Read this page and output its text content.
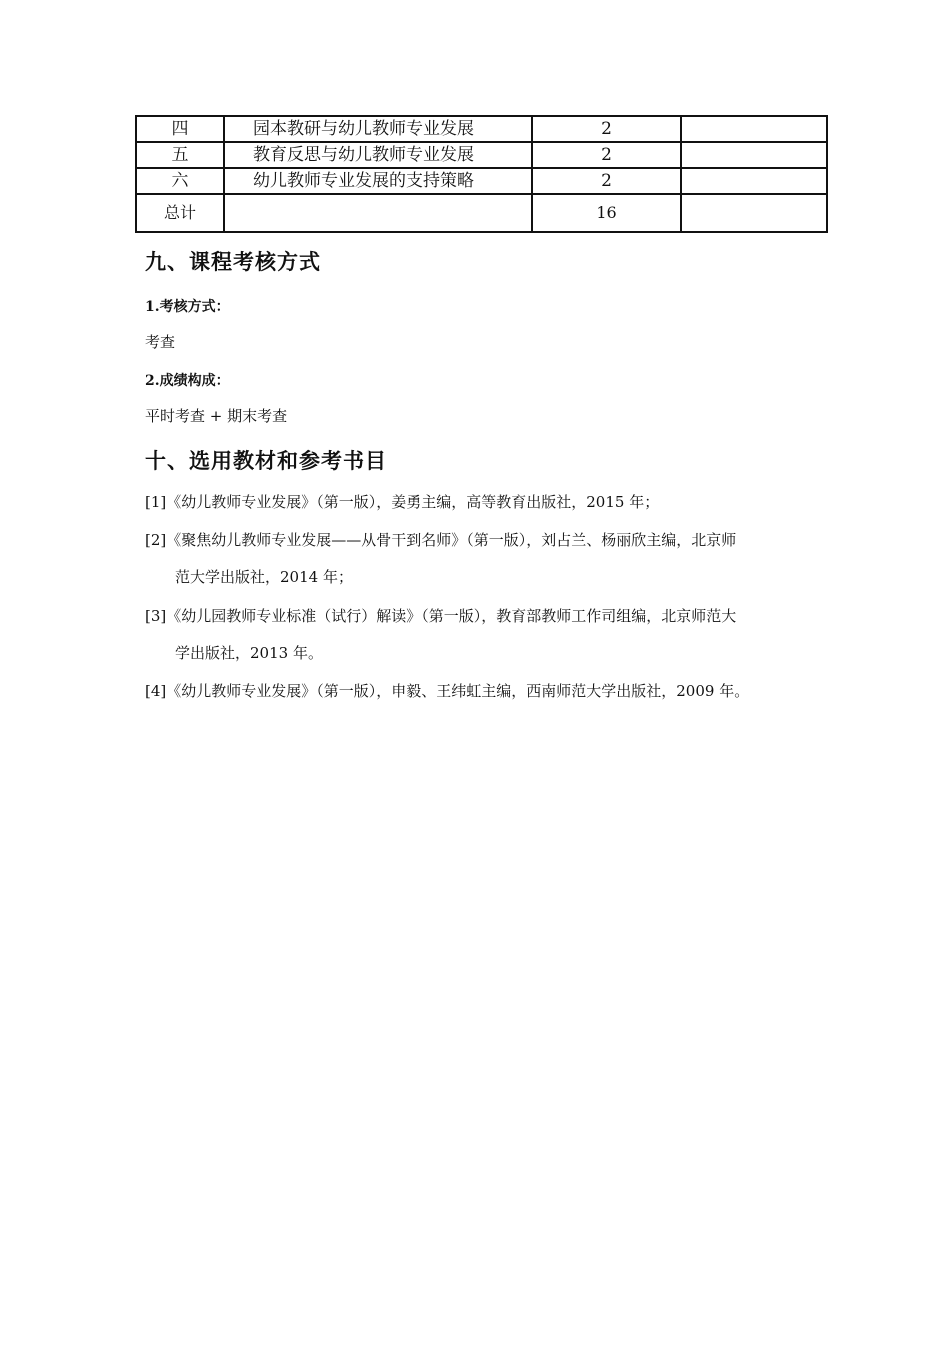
四	园本教研与幼儿教师专业发展	2	
五	教育反思与幼儿教师专业发展	2	
六	幼儿教师专业发展的支持策略	2	
总计		16	
九、课程考核方式
1.考核方式：
考查
2.成绩构成：
平时考查 + 期末考查
十、选用教材和参考书目
[1]《幼儿教师专业发展》（第一版），姜勇主编，高等教育出版社，2015 年；
[2]《聚焦幼儿教师专业发展——从骨干到名师》（第一版），刘占兰、杨丽欣主编，北京师
范大学出版社，2014 年；
[3]《幼儿园教师专业标准（试行）解读》（第一版），教育部教师工作司组编，北京师范大
学出版社，2013 年。
[4]《幼儿教师专业发展》（第一版），申毅、王纬虹主编，西南师范大学出版社，2009 年。
